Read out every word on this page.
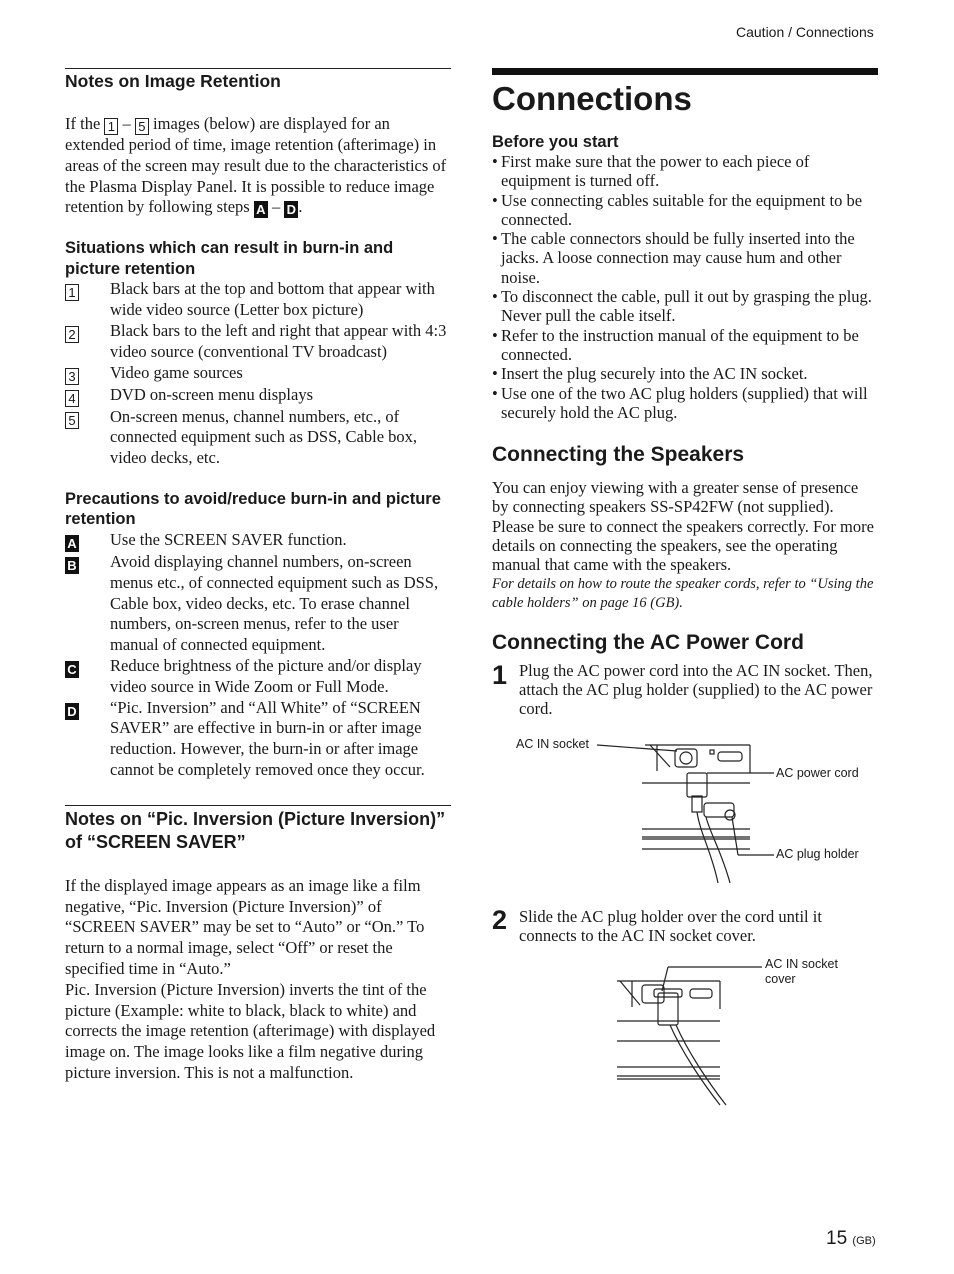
Caution / Connections
Notes on Image Retention

If the 1 – 5 images (below) are displayed for an extended period of time, image retention (afterimage) in areas of the screen may result due to the characteristics of the Plasma Display Panel. It is possible to reduce image retention by following steps A – D .

Situations which can result in burn-in and picture retention
1	Black bars at the top and bottom that appear with wide video source (Letter box picture)
2	Black bars to the left and right that appear with 4:3 video source (conventional TV broadcast)
3	Video game sources
4	DVD on-screen menu displays
5	On-screen menus, channel numbers, etc., of connected equipment such as DSS, Cable box, video decks, etc.
Precautions to avoid/reduce burn-in and picture retention
A	Use the SCREEN SAVER function.
B	Avoid displaying channel numbers, on-screen menus etc., of connected equipment such as DSS, Cable box, video decks, etc. To erase channel numbers, on-screen menus, refer to the user manual of connected equipment.
C	Reduce brightness of the picture and/or display video source in Wide Zoom or Full Mode.
D	“Pic. Inversion” and “All White” of “SCREEN SAVER” are effective in burn-in or after image reduction. However, the burn-in or after image cannot be completely removed once they occur.
Notes on “Pic. Inversion (Picture Inversion)” of “SCREEN SAVER”

If the displayed image appears as an image like a film negative, “Pic. Inversion (Picture Inversion)” of “SCREEN SAVER” may be set to “Auto” or “On.” To return to a normal image, select “Off” or reset the specified time in “Auto.”

Pic. Inversion (Picture Inversion) inverts the tint of the picture (Example: white to black, black to white) and corrects the image retention (afterimage) with displayed image on. The image looks like a film negative during picture inversion. This is not a malfunction.

Connections
Before you start
• First make sure that the power to each piece of equipment is turned off.
• Use connecting cables suitable for the equipment to be connected.
• The cable connectors should be fully inserted into the jacks. A loose connection may cause hum and other noise.
• To disconnect the cable, pull it out by grasping the plug. Never pull the cable itself.
• Refer to the instruction manual of the equipment to be connected.
• Insert the plug securely into the AC IN socket.
• Use one of the two AC plug holders (supplied) that will securely hold the AC plug.
Connecting the Speakers

You can enjoy viewing with a greater sense of presence by connecting speakers SS-SP42FW (not supplied). Please be sure to connect the speakers correctly. For more details on connecting the speakers, see the operating manual that came with the speakers.

For details on how to route the speaker cords, refer to “Using the cable holders” on page 16 (GB).

Connecting the AC Power Cord
1 Plug the AC power cord into the AC IN socket. Then, attach the AC plug holder (supplied) to the AC power cord.
AC IN socket
AC power cord
AC plug holder
2 Slide the AC plug holder over the cord until it connects to the AC IN socket cover.
AC IN socket
cover
15 (GB)
